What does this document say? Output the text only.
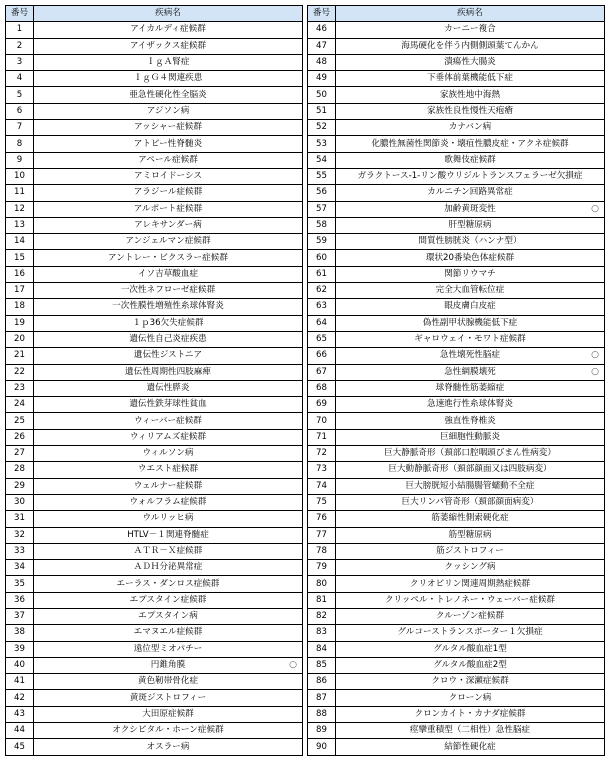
番号	疾病名
1	アイカルディ症候群
2	アイザックス症候群
3	ＩｇＡ腎症
4	ＩｇＧ４関連疾患
5	亜急性硬化性全脳炎
6	アジソン病
7	アッシャー症候群
8	アトピー性脊髄炎
9	アペール症候群
10	アミロイドーシス
11	アラジール症候群
12	アルポート症候群
13	アレキサンダー病
14	アンジェルマン症候群
15	アントレー・ビクスラー症候群
16	イソ吉草酸血症
17	一次性ネフローゼ症候群
18	一次性膜性増殖性糸球体腎炎
19	１ｐ36欠失症候群
20	遺伝性自己炎症疾患
21	遺伝性ジストニア
22	遺伝性周期性四肢麻痺
23	遺伝性膵炎
24	遺伝性鉄芽球性貧血
25	ウィーバー症候群
26	ウィリアムズ症候群
27	ウィルソン病
28	ウエスト症候群
29	ウェルナー症候群
30	ウォルフラム症候群
31	ウルリッヒ病
32	HTLV－１関連脊髄症
33	ＡＴＲ－Ｘ症候群
34	ＡＤＨ分泌異常症
35	エーラス・ダンロス症候群
36	エプスタイン症候群
37	エプスタイン病
38	エマヌエル症候群
39	遠位型ミオパチー
40	円錐角膜 ○

41	黄色靭帯骨化症
42	黄斑ジストロフィー
43	大田原症候群
44	オクシピタル・ホーン症候群
45	オスラー病
番号	疾病名
46	カーニー複合
47	海馬硬化を伴う内側側頭葉てんかん
48	潰瘍性大腸炎
49	下垂体前葉機能低下症
50	家族性地中海熱
51	家族性良性慢性天疱瘡
52	カナバン病
53	化膿性無菌性関節炎・壊疽性膿皮症・アクネ症候群
54	歌舞伎症候群
55	ガラクトース-1-リン酸ウリジルトランスフェラーゼ欠損症
56	カルニチン回路異常症
57	加齢黄斑変性 ○

58	肝型糖原病
59	間質性膀胱炎（ハンナ型）
60	環状20番染色体症候群
61	関節リウマチ
62	完全大血管転位症
63	眼皮膚白皮症
64	偽性副甲状腺機能低下症
65	ギャロウェイ・モワト症候群
66	急性壊死性脳症 ○

67	急性網膜壊死 ○

68	球脊髄性筋萎縮症
69	急速進行性糸球体腎炎
70	強直性脊椎炎
71	巨細胞性動脈炎
72	巨大静脈奇形（頚部口腔咽頭びまん性病変）
73	巨大動静脈奇形（頚部顔面又は四肢病変）
74	巨大膀胱短小結腸腸管蠕動不全症
75	巨大リンパ管奇形（頚部顔面病変）
76	筋萎縮性側索硬化症
77	筋型糖原病
78	筋ジストロフィー
79	クッシング病
80	クリオピリン関連周期熱症候群
81	クリッペル・トレノネー・ウェーバー症候群
82	クルーゾン症候群
83	グルコーストランスポーター１欠損症
84	グルタル酸血症1型
85	グルタル酸血症2型
86	クロウ・深瀬症候群
87	クローン病
88	クロンカイト・カナダ症候群
89	痙攣重積型（二相性）急性脳症
90	結節性硬化症
